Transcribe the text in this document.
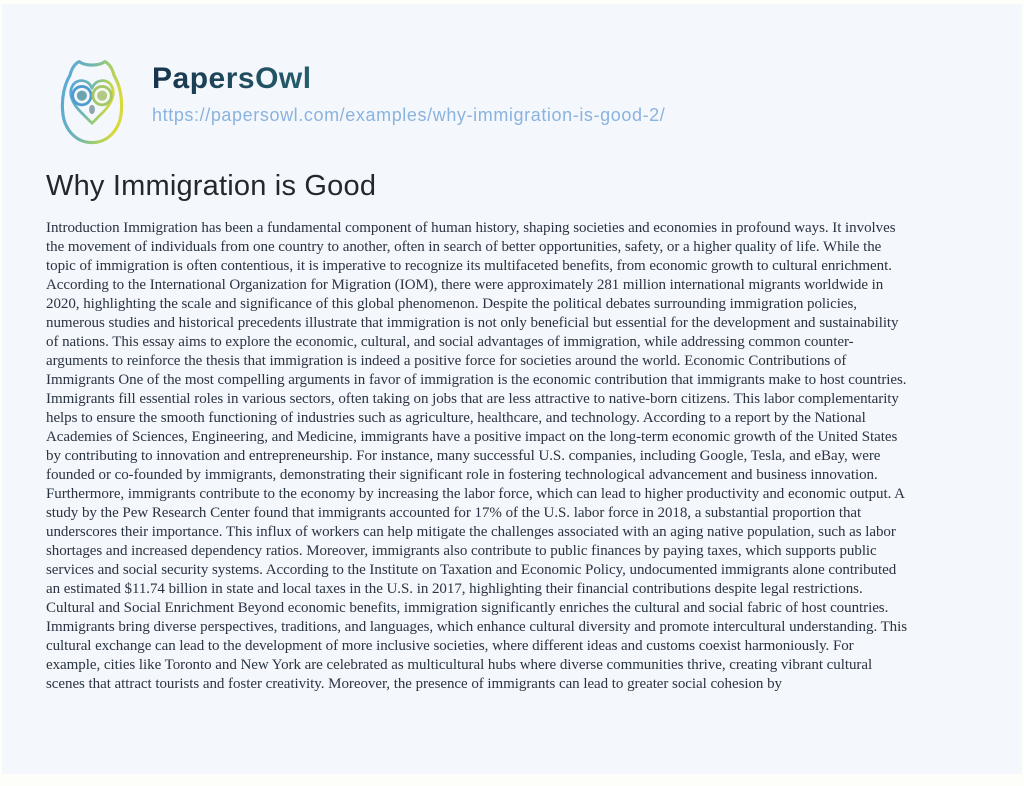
PapersOwl
https://papersowl.com/examples/why-immigration-is-good-2/
Why Immigration is Good
Introduction Immigration has been a fundamental component of human history, shaping societies and economies in profound ways. It involves
the movement of individuals from one country to another, often in search of better opportunities, safety, or a higher quality of life. While the
topic of immigration is often contentious, it is imperative to recognize its multifaceted benefits, from economic growth to cultural enrichment.
According to the International Organization for Migration (IOM), there were approximately 281 million international migrants worldwide in
2020, highlighting the scale and significance of this global phenomenon. Despite the political debates surrounding immigration policies,
numerous studies and historical precedents illustrate that immigration is not only beneficial but essential for the development and sustainability
of nations. This essay aims to explore the economic, cultural, and social advantages of immigration, while addressing common counter-
arguments to reinforce the thesis that immigration is indeed a positive force for societies around the world. Economic Contributions of
Immigrants One of the most compelling arguments in favor of immigration is the economic contribution that immigrants make to host countries.
Immigrants fill essential roles in various sectors, often taking on jobs that are less attractive to native-born citizens. This labor complementarity
helps to ensure the smooth functioning of industries such as agriculture, healthcare, and technology. According to a report by the National
Academies of Sciences, Engineering, and Medicine, immigrants have a positive impact on the long-term economic growth of the United States
by contributing to innovation and entrepreneurship. For instance, many successful U.S. companies, including Google, Tesla, and eBay, were
founded or co-founded by immigrants, demonstrating their significant role in fostering technological advancement and business innovation.
Furthermore, immigrants contribute to the economy by increasing the labor force, which can lead to higher productivity and economic output. A
study by the Pew Research Center found that immigrants accounted for 17% of the U.S. labor force in 2018, a substantial proportion that
underscores their importance. This influx of workers can help mitigate the challenges associated with an aging native population, such as labor
shortages and increased dependency ratios. Moreover, immigrants also contribute to public finances by paying taxes, which supports public
services and social security systems. According to the Institute on Taxation and Economic Policy, undocumented immigrants alone contributed
an estimated $11.74 billion in state and local taxes in the U.S. in 2017, highlighting their financial contributions despite legal restrictions.
Cultural and Social Enrichment Beyond economic benefits, immigration significantly enriches the cultural and social fabric of host countries.
Immigrants bring diverse perspectives, traditions, and languages, which enhance cultural diversity and promote intercultural understanding. This
cultural exchange can lead to the development of more inclusive societies, where different ideas and customs coexist harmoniously. For
example, cities like Toronto and New York are celebrated as multicultural hubs where diverse communities thrive, creating vibrant cultural
scenes that attract tourists and foster creativity. Moreover, the presence of immigrants can lead to greater social cohesion by
